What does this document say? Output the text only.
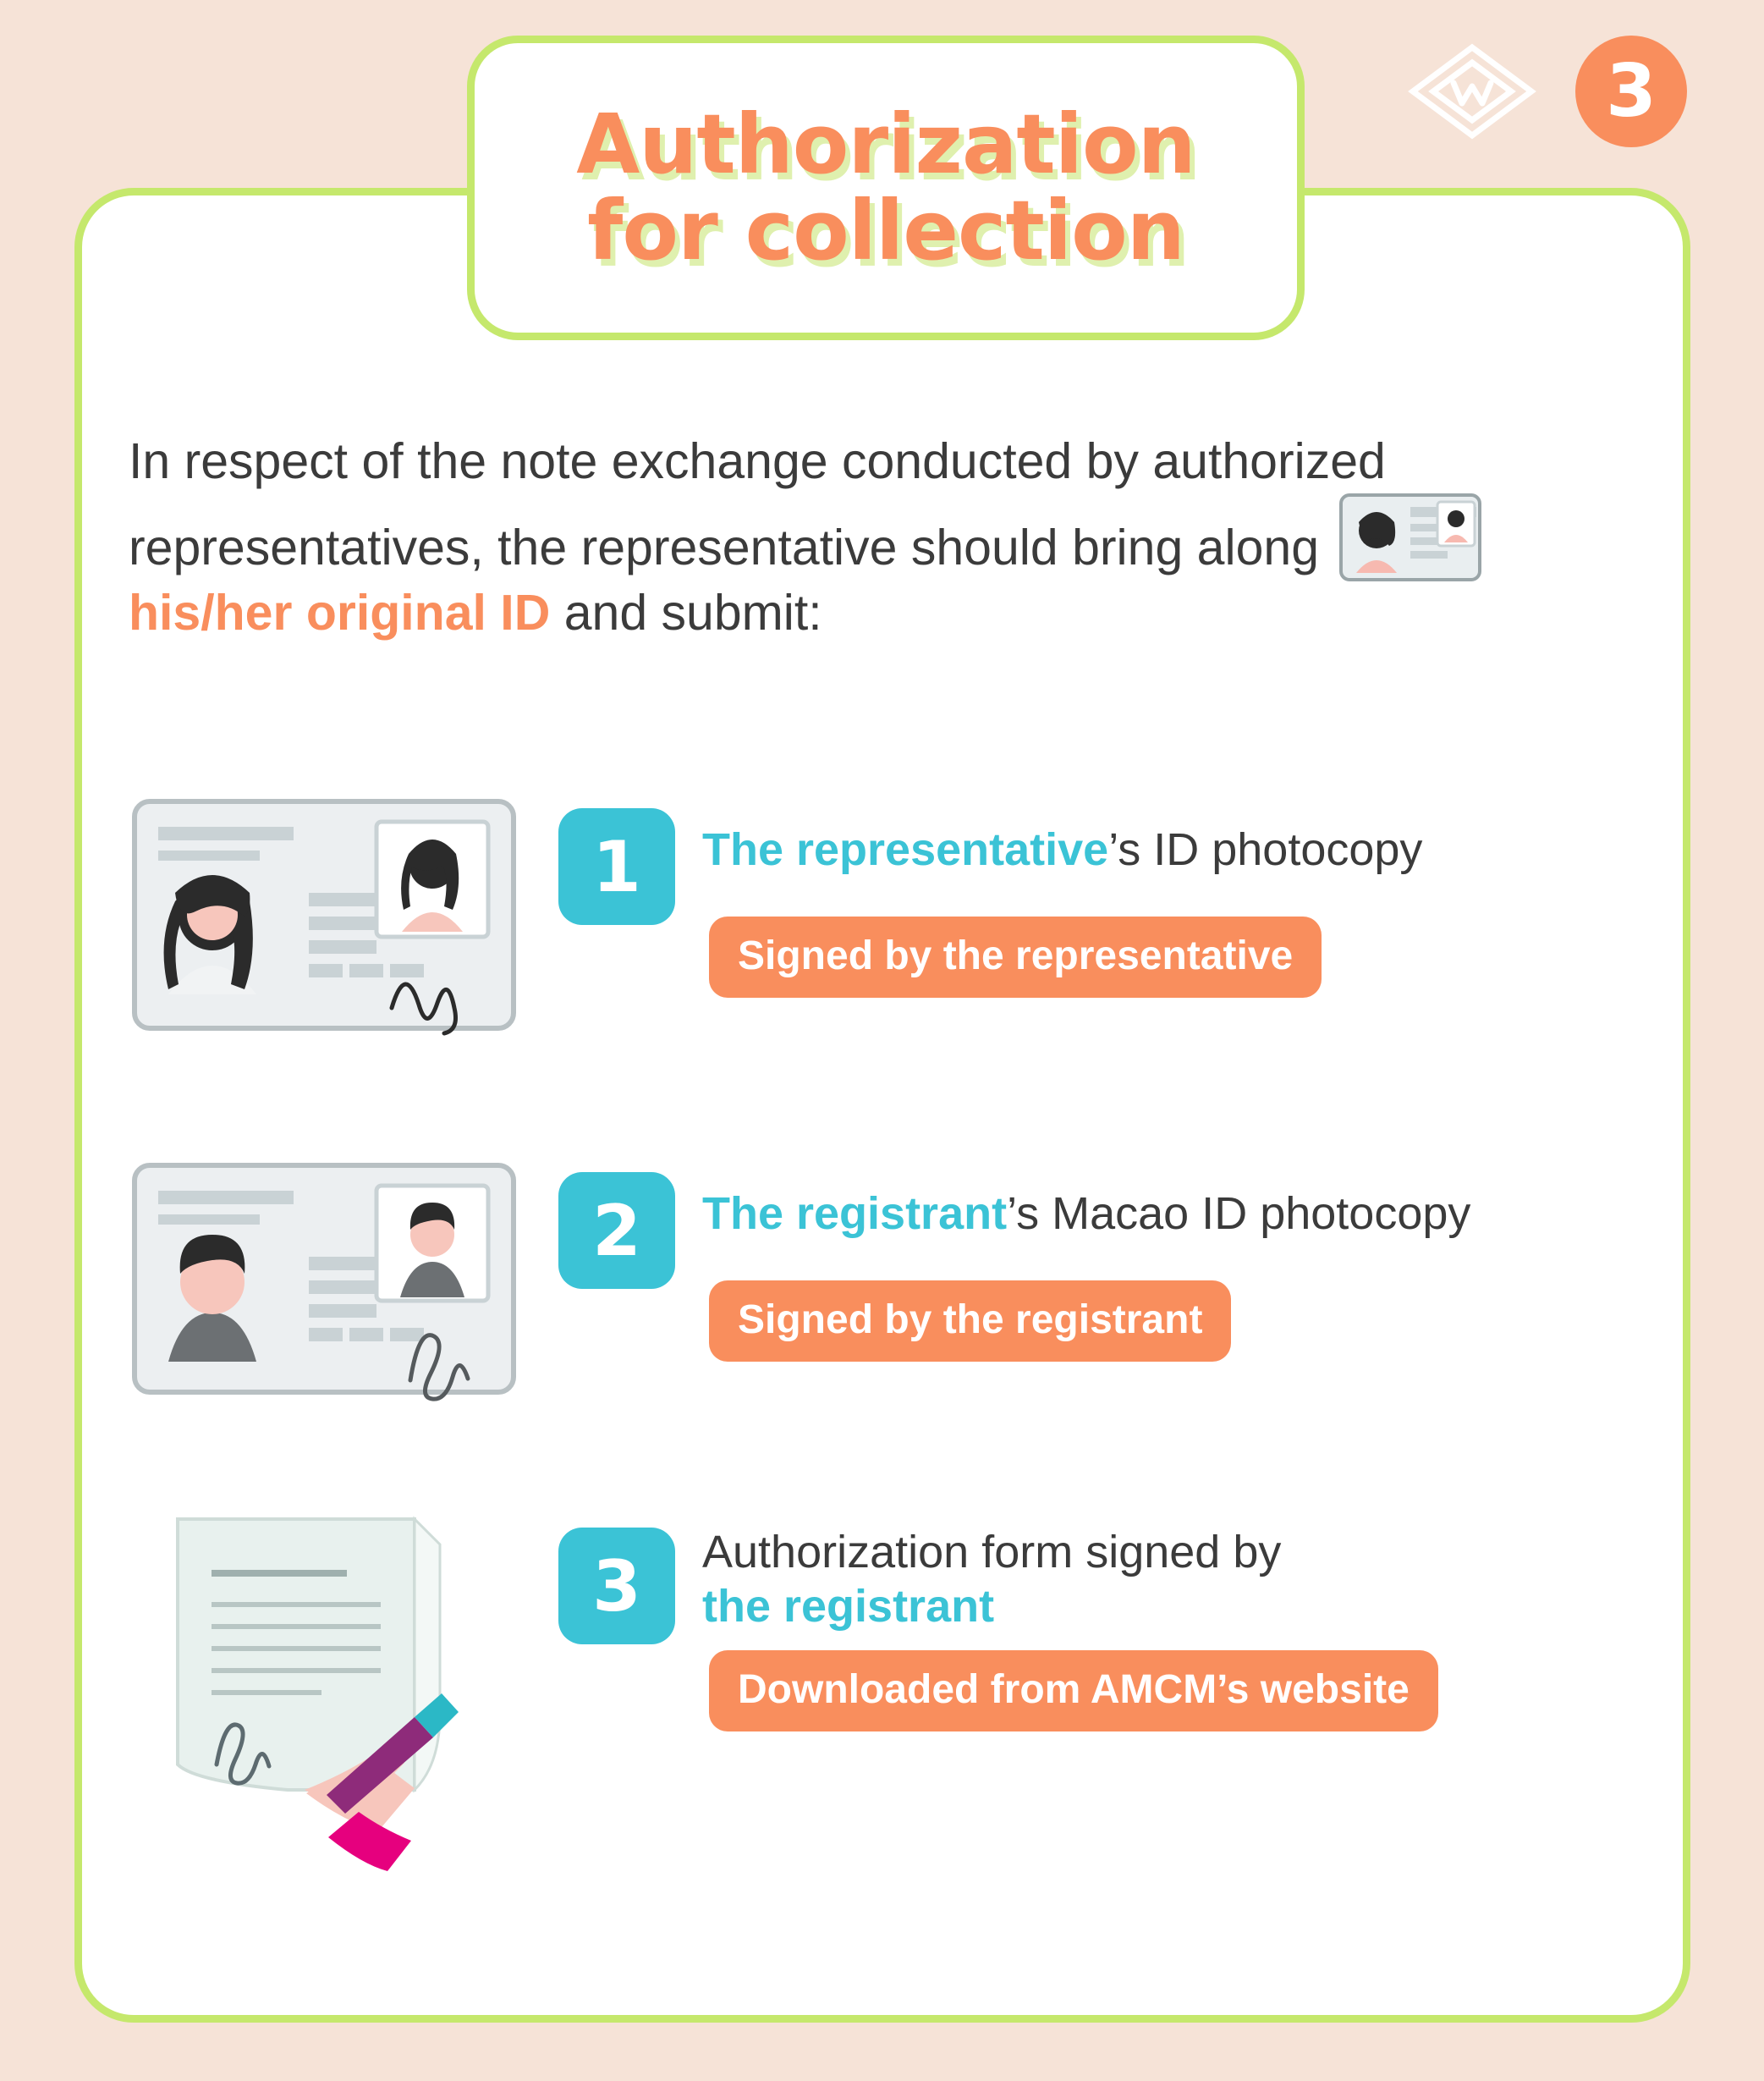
3
Authorization
for collection
In respect of the note exchange conducted by authorized representatives, the representative should bring along his/her original ID and submit:
1	The representative’s ID photocopy
Signed by the representative
2	The registrant’s Macao ID photocopy
Signed by the registrant
3	Authorization form signed by
the registrant
Downloaded from AMCM’s website
